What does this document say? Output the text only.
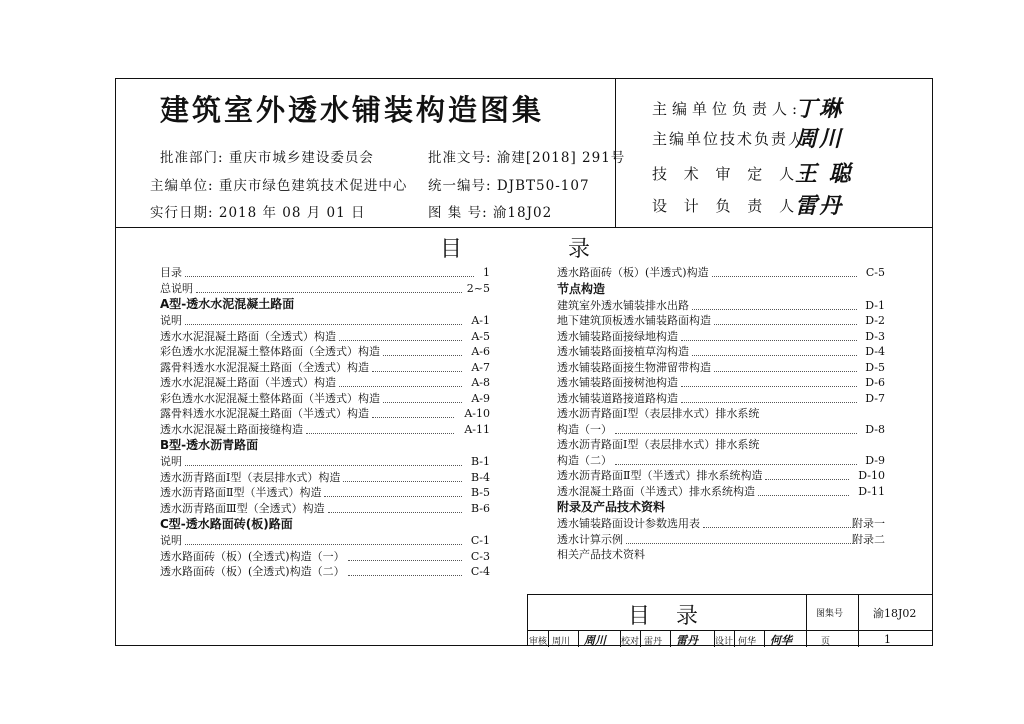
建筑室外透水铺装构造图集
批准部门: 重庆市城乡建设委员会
主编单位: 重庆市绿色建筑技术促进中心
实行日期: 2018 年 08 月 01 日
批准文号: 渝建[2018] 291号
统一编号: DJBT50-107
图 集 号: 渝18J02
主编单位负责人:
丁琳
主编单位技术负责人:
周川
技 术 审 定 人:
王 聪
设 计 负 责 人:
雷丹
目	录
目录	1
总说明	2~5
A型-透水水泥混凝土路面
说明	A-1
透水水泥混凝土路面（全透式）构造	A-5
彩色透水水泥混凝土整体路面（全透式）构造	A-6
露骨料透水水泥混凝土路面（全透式）构造	A-7
透水水泥混凝土路面（半透式）构造	A-8
彩色透水水泥混凝土整体路面（半透式）构造	A-9
露骨料透水水泥混凝土路面（半透式）构造	A-10
透水水泥混凝土路面接缝构造	A-11
B型-透水沥青路面
说明	B-1
透水沥青路面Ⅰ型（表层排水式）构造	B-4
透水沥青路面Ⅱ型（半透式）构造	B-5
透水沥青路面Ⅲ型（全透式）构造	B-6
C型-透水路面砖(板)路面
说明	C-1
透水路面砖（板）(全透式)构造（一）	C-3
透水路面砖（板）(全透式)构造（二）	C-4
透水路面砖（板）(半透式)构造	C-5
节点构造
建筑室外透水铺装排水出路	D-1
地下建筑顶板透水铺装路面构造	D-2
透水铺装路面接绿地构造	D-3
透水铺装路面接植草沟构造	D-4
透水铺装路面接生物滞留带构造	D-5
透水铺装路面接树池构造	D-6
透水铺装道路接道路构造	D-7
透水沥青路面Ⅰ型（表层排水式）排水系统
构造（一）	D-8
透水沥青路面Ⅰ型（表层排水式）排水系统
构造（二）	D-9
透水沥青路面Ⅱ型（半透式）排水系统构造	D-10
透水混凝土路面（半透式）排水系统构造	D-11
附录及产品技术资料
透水铺装路面设计参数选用表	附录一
透水计算示例	附录二
相关产品技术资料
目录	图集号	渝18J02
审核 周川 周川 校对 雷丹 雷丹 设计 何华 何华	页	1
